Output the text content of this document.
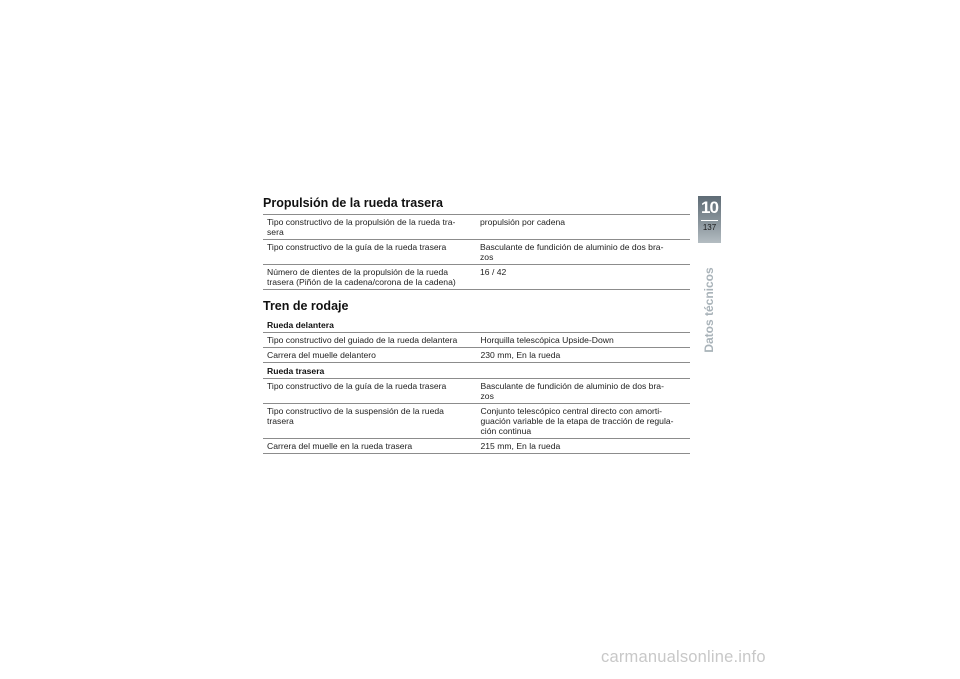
Propulsión de la rueda trasera
Tipo constructivo de la propulsión de la rueda tra-
sera	propulsión por cadena
Tipo constructivo de la guía de la rueda trasera	Basculante de fundición de aluminio de dos bra-
zos
Número de dientes de la propulsión de la rueda
trasera (Piñón de la cadena/corona de la cadena)	16 / 42
Tren de rodaje
Rueda delantera	
Tipo constructivo del guiado de la rueda delantera	Horquilla telescópica Upside-Down
Carrera del muelle delantero	230 mm, En la rueda
Rueda trasera	
Tipo constructivo de la guía de la rueda trasera	Basculante de fundición de aluminio de dos bra-
zos
Tipo constructivo de la suspensión de la rueda
trasera	Conjunto telescópico central directo con amorti-
guación variable de la etapa de tracción de regula-
ción continua
Carrera del muelle en la rueda trasera	215 mm, En la rueda
10
137
Datos técnicos
carmanualsonline.info
